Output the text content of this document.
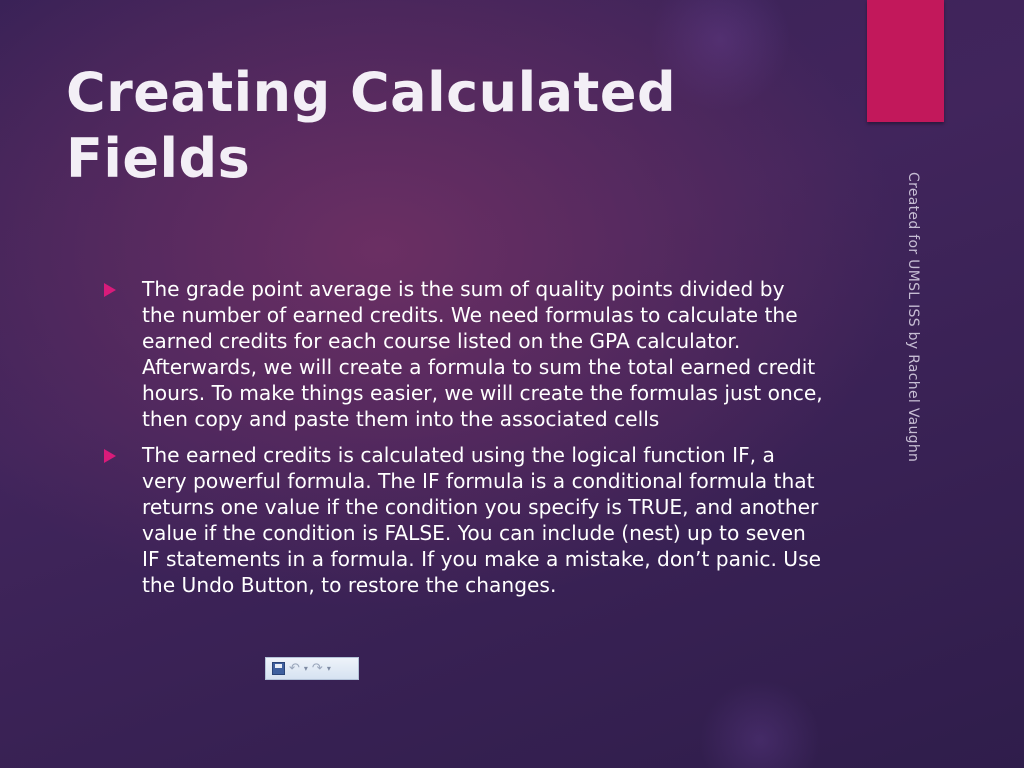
Creating Calculated
Fields
Created for UMSL ISS by Rachel Vaughn
The grade point average is the sum of quality points divided by the number of earned credits. We need formulas to calculate the earned credits for each course listed on the GPA calculator. Afterwards, we will create a formula to sum the total earned credit hours. To make things easier, we will create the formulas just once, then copy and paste them into the associated cells
The earned credits is calculated using the logical function IF, a very powerful formula. The IF formula is a conditional formula that returns one value if the condition you specify is TRUE, and another value if the condition is FALSE. You can include (nest) up to seven IF statements in a formula. If you make a mistake, don’t panic. Use the Undo Button, to restore the changes.
↶ ▾ ↷ ▾
